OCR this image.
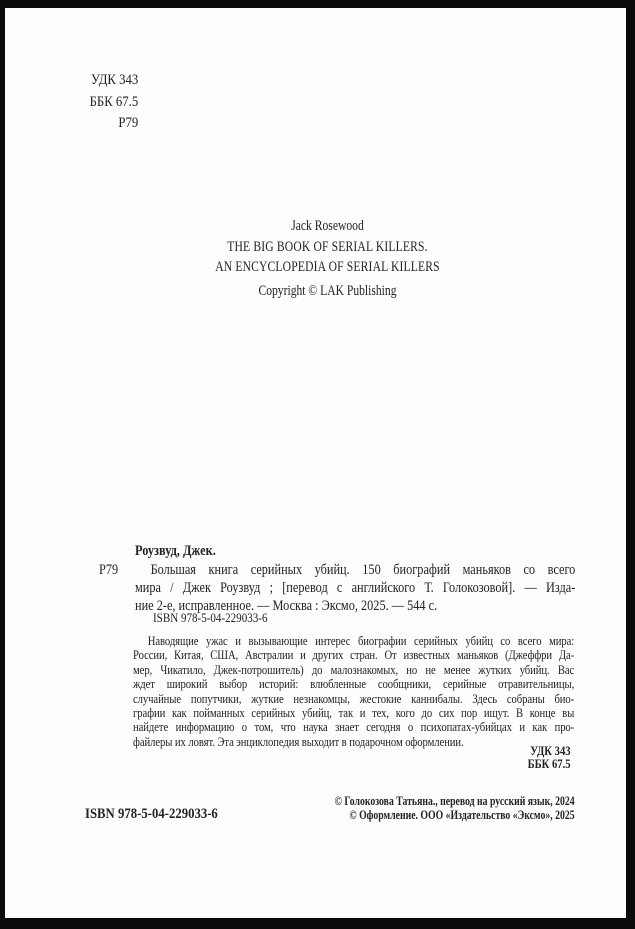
УДК 343
ББК 67.5
Р79
Jack Rosewood
THE BIG BOOK OF SERIAL KILLERS.
AN ENCYCLOPEDIA OF SERIAL KILLERS
Copyright © LAK Publishing
Роузвуд, Джек.
Р79	Большая книга серийных убийц. 150 биографий маньяков со всего
мира / Джек Роузвуд ; [перевод с английского Т. Голокозовой]. — Изда-
ние 2-е, исправленное. — Москва : Эксмо, 2025. — 544 с.
ISBN 978-5-04-229033-6
Наводящие ужас и вызывающие интерес биографии серийных убийц со всего мира:
России, Китая, США, Австралии и других стран. От известных маньяков (Джеффри Да-
мер, Чикатило, Джек-потрошитель) до малознакомых, но не менее жутких убийц. Вас
ждет широкий выбор историй: влюбленные сообщники, серийные отравительницы,
случайные попутчики, жуткие незнакомцы, жестокие каннибалы. Здесь собраны био-
графии как пойманных серийных убийц, так и тех, кого до сих пор ищут. В конце вы
найдете информацию о том, что наука знает сегодня о психопатах-убийцах и как про-
файлеры их ловят. Эта энциклопедия выходит в подарочном оформлении.
УДК 343
ББК 67.5
ISBN 978-5-04-229033-6
© Голокозова Татьяна., перевод на русский язык, 2024
© Оформление. ООО «Издательство «Эксмо», 2025
